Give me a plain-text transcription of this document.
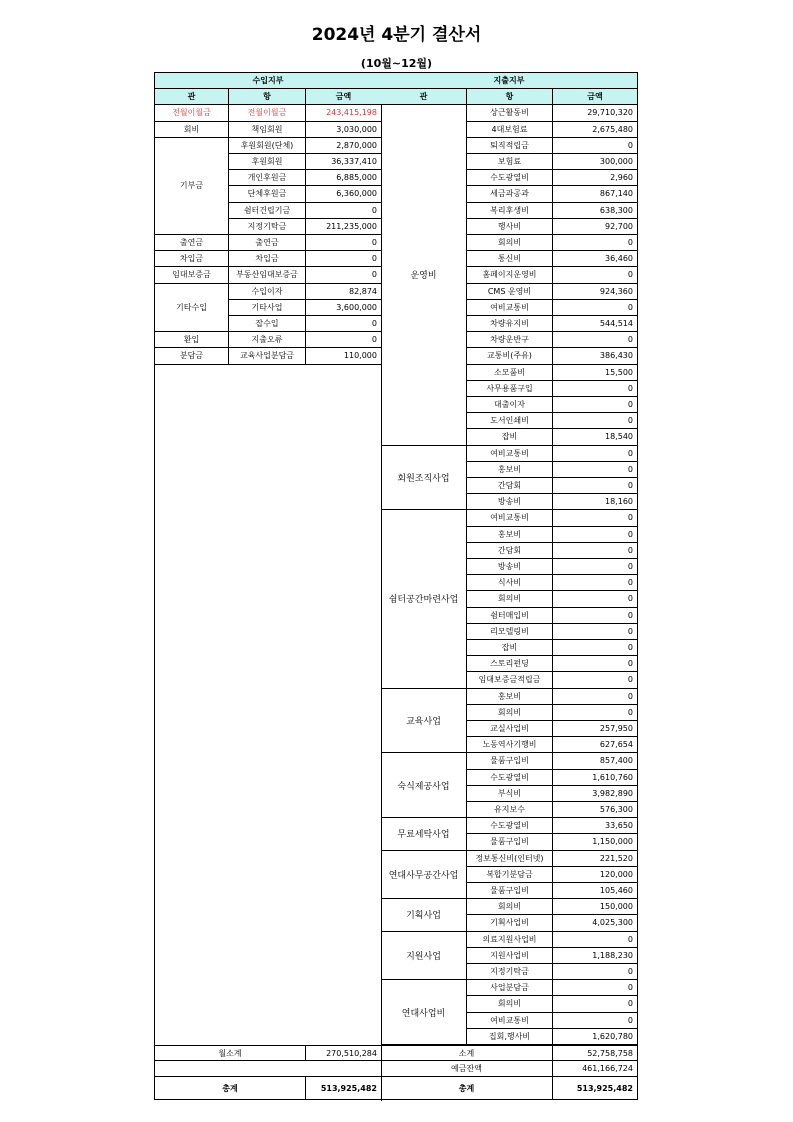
2024년 4분기 결산서
(10월~12월)
수입지부
관	항	금액
전월이월금	전월이월금	243,415,198
회비	책임회원	3,030,000
기부금
후원회원(단체)	2,870,000
후원회원	36,337,410
개인후원금	6,885,000
단체후원금	6,360,000
쉼터건립기금	0
지정기탁금	211,235,000
출연금	출연금	0
차입금	차입금	0
임대보증금	부동산임대보증금	0
기타수입
수입이자	82,874
기타사업	3,600,000
잡수입	0
환입	지출오류	0
분담금	교육사업분담금	110,000
월소계	270,510,284
총계	513,925,482
지출지부
관	항	금액
운영비
상근활동비	29,710,320
4대보험료	2,675,480
퇴직적립금	0
보험료	300,000
수도광열비	2,960
세금과공과	867,140
복리후생비	638,300
행사비	92,700
회의비	0
통신비	36,460
홈페이지운영비	0
CMS 운영비	924,360
여비교통비	0
차량유지비	544,514
차량운반구	0
교통비(주유)	386,430
소모품비	15,500
사무용품구입	0
대출이자	0
도서인쇄비	0
잡비	18,540
회원조직사업
여비교통비	0
홍보비	0
간담회	0
방송비	18,160
쉼터공간마련사업
여비교통비	0
홍보비	0
간담회	0
방송비	0
식사비	0
회의비	0
쉼터매입비	0
리모델링비	0
잡비	0
스토리펀딩	0
임대보증금적립금	0
교육사업
홍보비	0
회의비	0
교실사업비	257,950
노동역사기행비	627,654
숙식제공사업
물품구입비	857,400
수도광열비	1,610,760
부식비	3,982,890
유지보수	576,300
무료세탁사업
수도광열비	33,650
물품구입비	1,150,000
연대사무공간사업
정보통신비(인터넷)	221,520
복합기분담금	120,000
물품구입비	105,460
기획사업
회의비	150,000
기획사업비	4,025,300
지원사업
의료지원사업비	0
지원사업비	1,188,230
지정기탁금	0
연대사업비
사업분담금	0
회의비	0
여비교통비	0
집회,행사비	1,620,780
소계	52,758,758
예금잔액	461,166,724
총계	513,925,482
